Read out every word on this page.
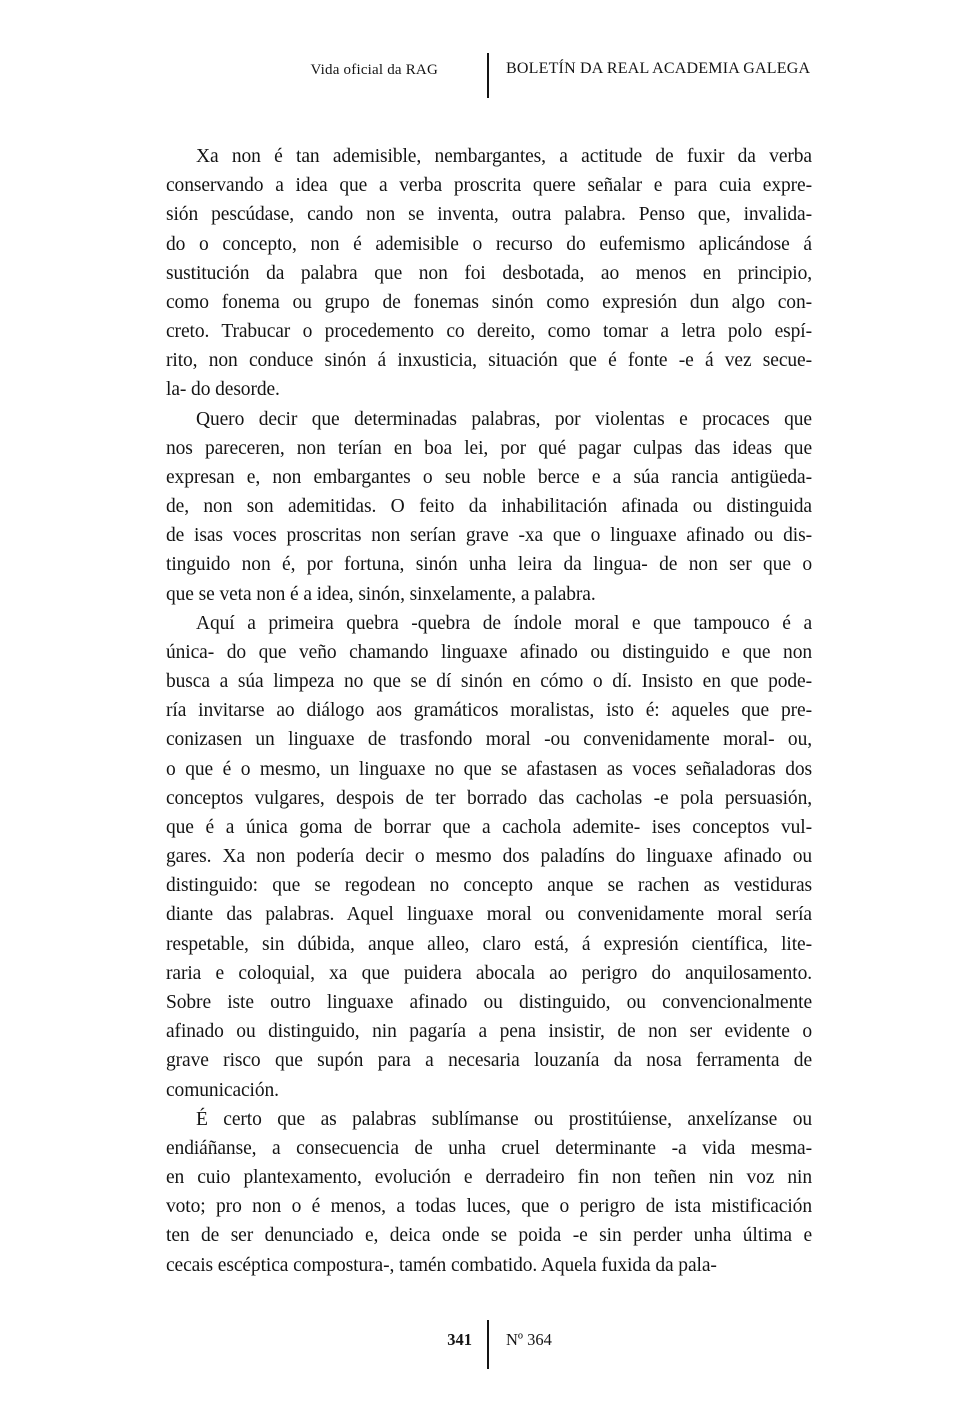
Vida oficial da RAG	BOLETÍN DA REAL ACADEMIA GALEGA

Xa non é tan ademisible, nembargantes, a actitude de fuxir da verba
conservando a idea que a verba proscrita quere señalar e para cuia expre-
sión pescúdase, cando non se inventa, outra palabra. Penso que, invalida-
do o concepto, non é ademisible o recurso do eufemismo aplicándose á
sustitución da palabra que non foi desbotada, ao menos en principio,
como fonema ou grupo de fonemas sinón como expresión dun algo con-
creto. Trabucar o procedemento co dereito, como tomar a letra polo espí-
rito, non conduce sinón á inxusticia, situación que é fonte -e á vez secue-
la- do desorde.

Quero decir que determinadas palabras, por violentas e procaces que
nos pareceren, non terían en boa lei, por qué pagar culpas das ideas que
expresan e, non embargantes o seu noble berce e a súa rancia antigüeda-
de, non son ademitidas. O feito da inhabilitación afinada ou distinguida
de isas voces proscritas non serían grave -xa que o linguaxe afinado ou dis-
tinguido non é, por fortuna, sinón unha leira da lingua- de non ser que o
que se veta non é a idea, sinón, sinxelamente, a palabra.

Aquí a primeira quebra -quebra de índole moral e que tampouco é a
única- do que veño chamando linguaxe afinado ou distinguido e que non
busca a súa limpeza no que se dí sinón en cómo o dí. Insisto en que pode-
ría invitarse ao diálogo aos gramáticos moralistas, isto é: aqueles que pre-
conizasen un linguaxe de trasfondo moral -ou convenidamente moral- ou,
o que é o mesmo, un linguaxe no que se afastasen as voces señaladoras dos
conceptos vulgares, despois de ter borrado das cacholas -e pola persuasión,
que é a única goma de borrar que a cachola ademite- ises conceptos vul-
gares. Xa non podería decir o mesmo dos paladíns do linguaxe afinado ou
distinguido: que se regodean no concepto anque se rachen as vestiduras
diante das palabras. Aquel linguaxe moral ou convenidamente moral sería
respetable, sin dúbida, anque alleo, claro está, á expresión científica, lite-
raria e coloquial, xa que puidera abocala ao perigro do anquilosamento.
Sobre iste outro linguaxe afinado ou distinguido, ou convencionalmente
afinado ou distinguido, nin pagaría a pena insistir, de non ser evidente o
grave risco que supón para a necesaria louzanía da nosa ferramenta de
comunicación.

É certo que as palabras sublímanse ou prostitúiense, anxelízanse ou
endiáñanse, a consecuencia de unha cruel determinante -a vida mesma-
en cuio plantexamento, evolución e derradeiro fin non teñen nin voz nin
voto; pro non o é menos, a todas luces, que o perigro de ista mistificación
ten de ser denunciado e, deica onde se poida -e sin perder unha última e
cecais escéptica compostura-, tamén combatido. Aquela fuxida da pala-

341 Nº 364
